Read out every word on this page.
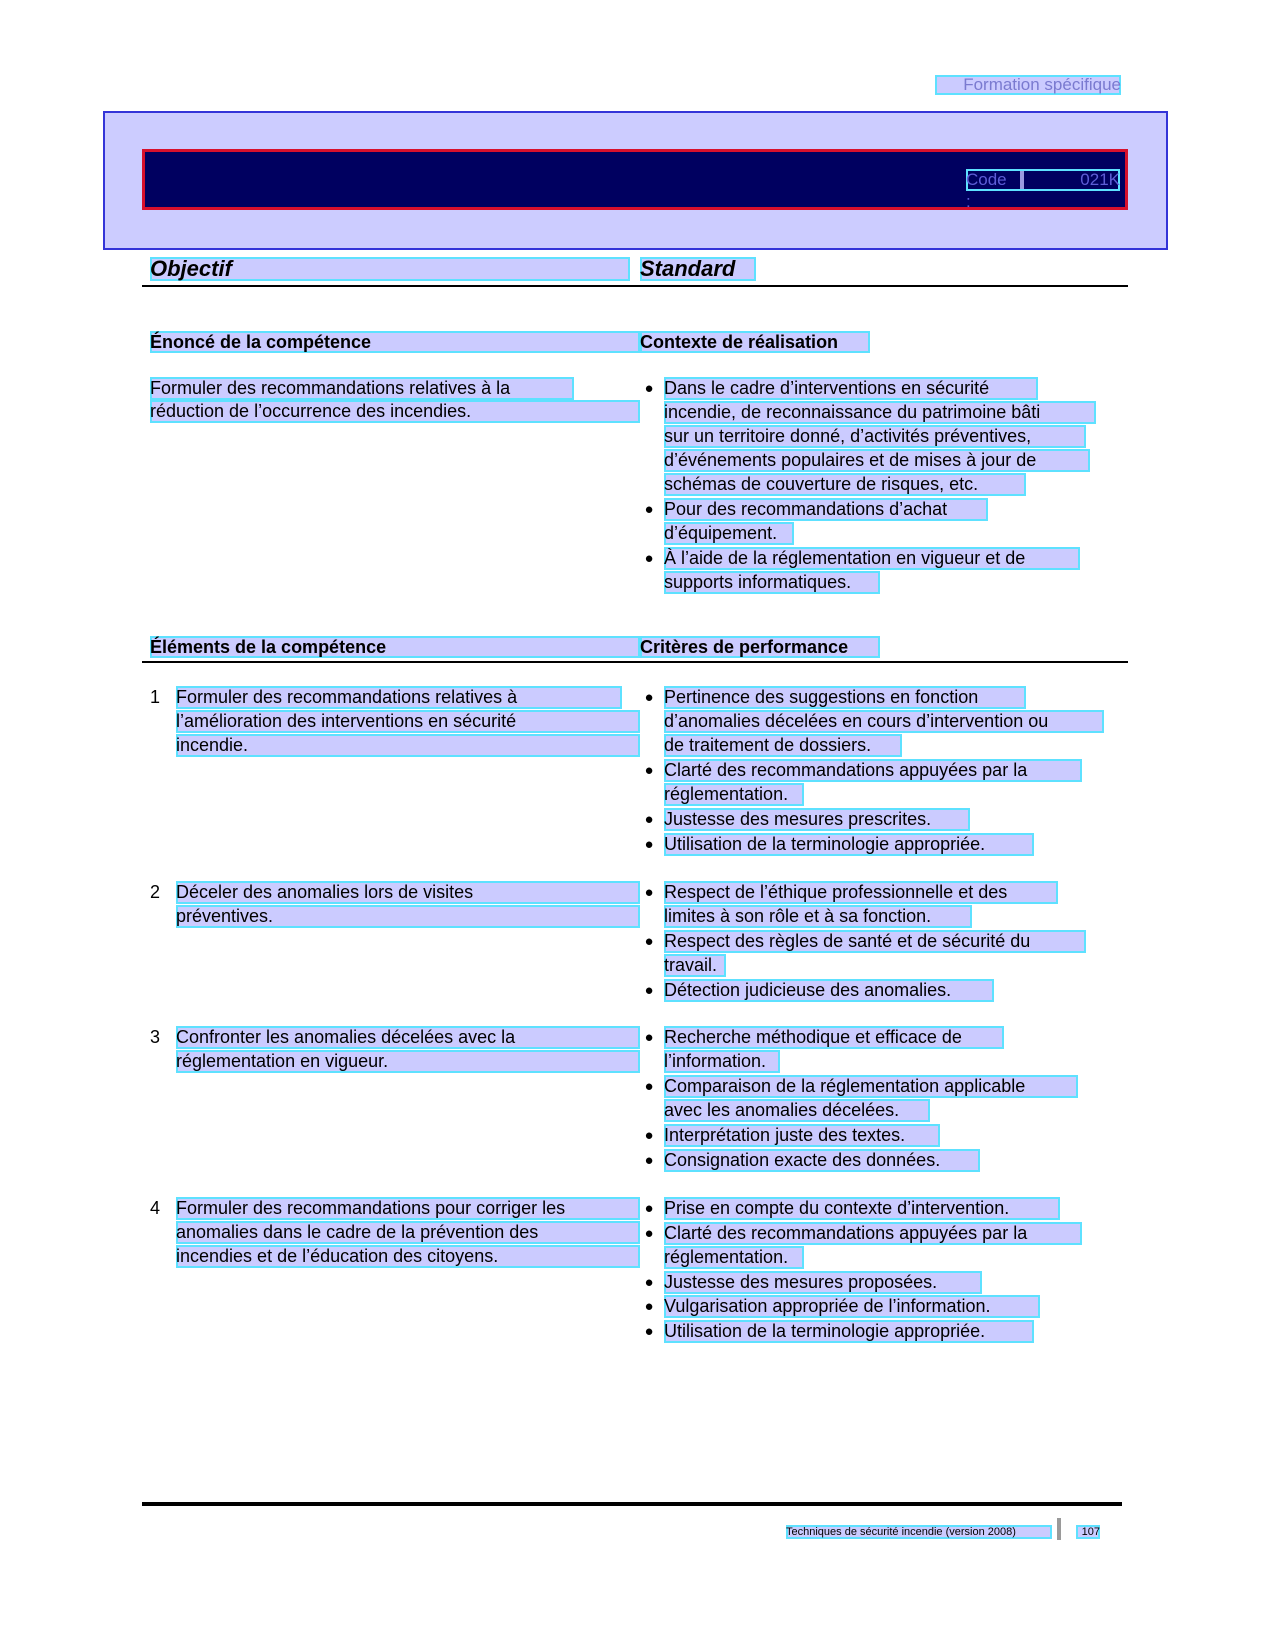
Formation spécifique
Code :
021K
Objectif	Standard
Énoncé de la compétence	Contexte de réalisation
Formuler des recommandations relatives à la
réduction de l’occurrence des incendies.
● Dans le cadre d’interventions en sécurité
incendie, de reconnaissance du patrimoine bâti
sur un territoire donné, d’activités préventives,
d’événements populaires et de mises à jour de
schémas de couverture de risques, etc.
● Pour des recommandations d’achat
d’équipement.
● À l’aide de la réglementation en vigueur et de
supports informatiques.
Éléments de la compétence	Critères de performance
1 Formuler des recommandations relatives à
l’amélioration des interventions en sécurité
incendie.
● Pertinence des suggestions en fonction
d’anomalies décelées en cours d’intervention ou
de traitement de dossiers.
● Clarté des recommandations appuyées par la
réglementation.
● Justesse des mesures prescrites.
● Utilisation de la terminologie appropriée.
2 Déceler des anomalies lors de visites
préventives.
● Respect de l’éthique professionnelle et des
limites à son rôle et à sa fonction.
● Respect des règles de santé et de sécurité du
travail.
● Détection judicieuse des anomalies.
3 Confronter les anomalies décelées avec la
réglementation en vigueur.
● Recherche méthodique et efficace de
l’information.
● Comparaison de la réglementation applicable
avec les anomalies décelées.
● Interprétation juste des textes.
● Consignation exacte des données.
4 Formuler des recommandations pour corriger les
anomalies dans le cadre de la prévention des
incendies et de l’éducation des citoyens.
● Prise en compte du contexte d’intervention.
● Clarté des recommandations appuyées par la
réglementation.
● Justesse des mesures proposées.
● Vulgarisation appropriée de l’information.
● Utilisation de la terminologie appropriée.
Techniques de sécurité incendie (version 2008)	107
